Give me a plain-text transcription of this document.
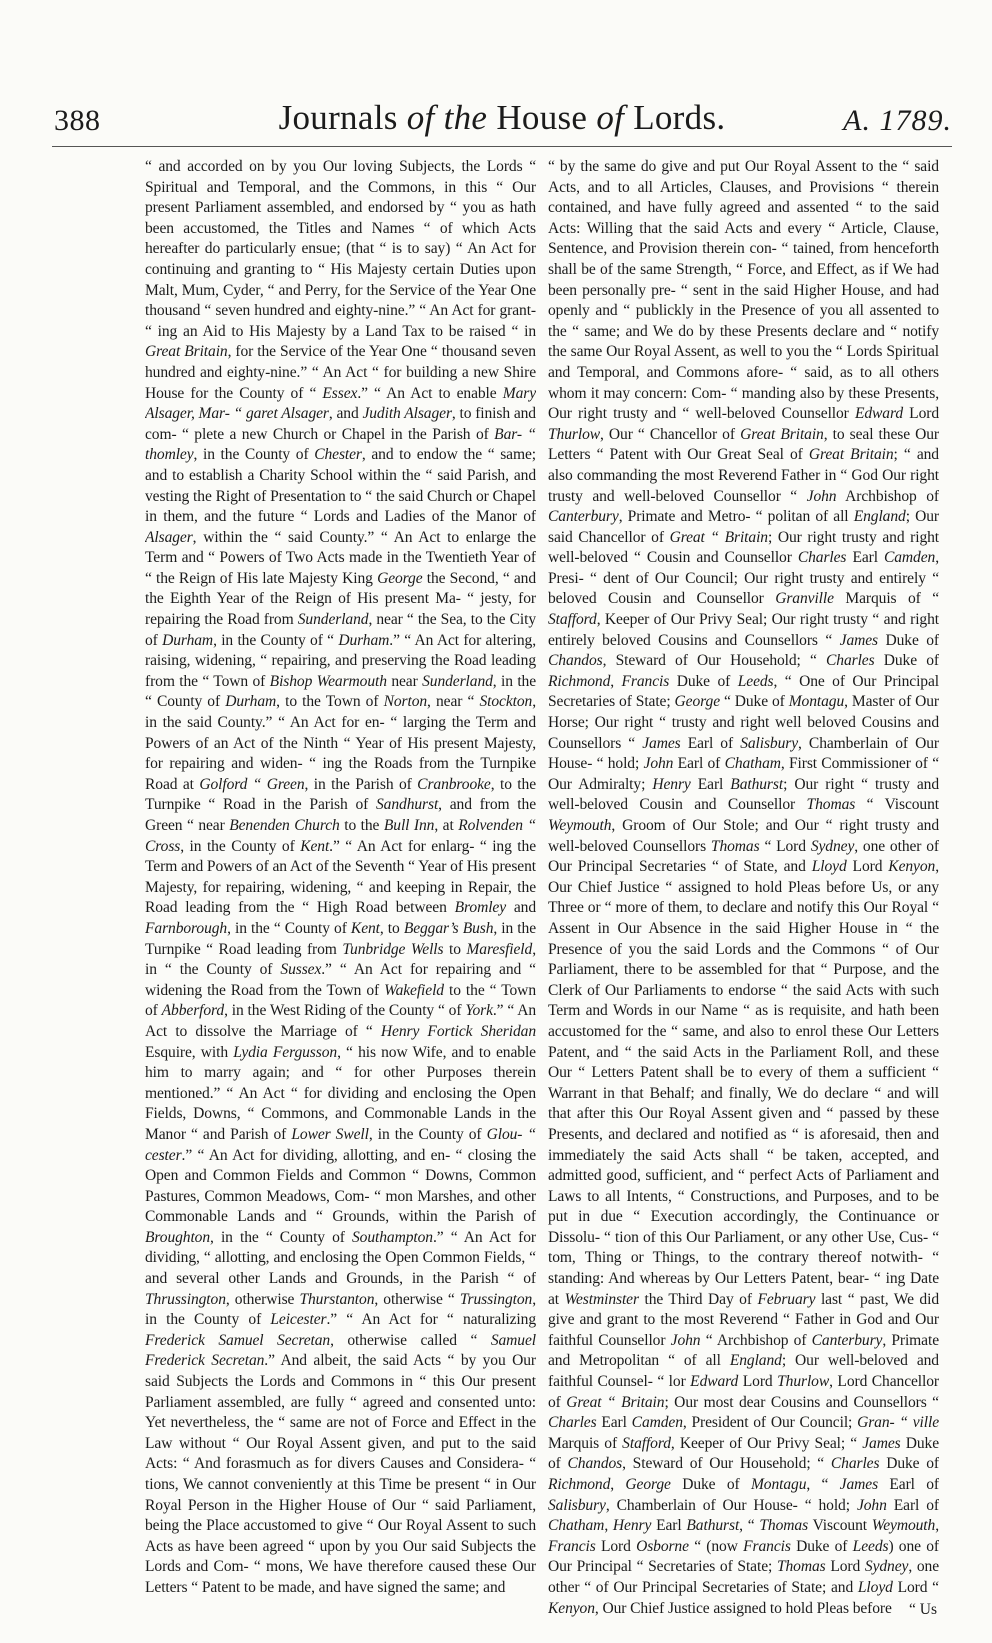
388	Journals of the House of Lords.	A. 1789.

“ and accorded on by you Our loving Subjects, the Lords “ Spiritual and Temporal, and the Commons, in this “ Our present Parliament assembled, and endorsed by “ you as hath been accustomed, the Titles and Names “ of which Acts hereafter do particularly ensue; (that “ is to say) “ An Act for continuing and granting to “ His Majesty certain Duties upon Malt, Mum, Cyder, “ and Perry, for the Service of the Year One thousand “ seven hundred and eighty-nine.” “ An Act for grant- “ ing an Aid to His Majesty by a Land Tax to be raised “ in Great Britain, for the Service of the Year One “ thousand seven hundred and eighty-nine.” “ An Act “ for building a new Shire House for the County of “ Essex.” “ An Act to enable Mary Alsager, Mar- “ garet Alsager, and Judith Alsager, to finish and com- “ plete a new Church or Chapel in the Parish of Bar- “ thomley, in the County of Chester, and to endow the “ same; and to establish a Charity School within the “ said Parish, and vesting the Right of Presentation to “ the said Church or Chapel in them, and the future “ Lords and Ladies of the Manor of Alsager, within the “ said County.” “ An Act to enlarge the Term and “ Powers of Two Acts made in the Twentieth Year of “ the Reign of His late Majesty King George the Second, “ and the Eighth Year of the Reign of His present Ma- “ jesty, for repairing the Road from Sunderland, near “ the Sea, to the City of Durham, in the County of “ Durham.” “ An Act for altering, raising, widening, “ repairing, and preserving the Road leading from the “ Town of Bishop Wearmouth near Sunderland, in the “ County of Durham, to the Town of Norton, near “ Stockton, in the said County.” “ An Act for en- “ larging the Term and Powers of an Act of the Ninth “ Year of His present Majesty, for repairing and widen- “ ing the Roads from the Turnpike Road at Golford “ Green, in the Parish of Cranbrooke, to the Turnpike “ Road in the Parish of Sandhurst, and from the Green “ near Benenden Church to the Bull Inn, at Rolvenden “ Cross, in the County of Kent.” “ An Act for enlarg- “ ing the Term and Powers of an Act of the Seventh “ Year of His present Majesty, for repairing, widening, “ and keeping in Repair, the Road leading from the “ High Road between Bromley and Farnborough, in the “ County of Kent, to Beggar’s Bush, in the Turnpike “ Road leading from Tunbridge Wells to Maresfield, in “ the County of Sussex.” “ An Act for repairing and “ widening the Road from the Town of Wakefield to the “ Town of Abberford, in the West Riding of the County “ of York.” “ An Act to dissolve the Marriage of “ Henry Fortick Sheridan Esquire, with Lydia Fergusson, “ his now Wife, and to enable him to marry again; and “ for other Purposes therein mentioned.” “ An Act “ for dividing and enclosing the Open Fields, Downs, “ Commons, and Commonable Lands in the Manor “ and Parish of Lower Swell, in the County of Glou- “ cester.” “ An Act for dividing, allotting, and en- “ closing the Open and Common Fields and Common “ Downs, Common Pastures, Common Meadows, Com- “ mon Marshes, and other Commonable Lands and “ Grounds, within the Parish of Broughton, in the “ County of Southampton.” “ An Act for dividing, “ allotting, and enclosing the Open Common Fields, “ and several other Lands and Grounds, in the Parish “ of Thrussington, otherwise Thurstanton, otherwise “ Trussington, in the County of Leicester.” “ An Act for “ naturalizing Frederick Samuel Secretan, otherwise called “ Samuel Frederick Secretan.” And albeit, the said Acts “ by you Our said Subjects the Lords and Commons in “ this Our present Parliament assembled, are fully “ agreed and consented unto: Yet nevertheless, the “ same are not of Force and Effect in the Law without “ Our Royal Assent given, and put to the said Acts: “ And forasmuch as for divers Causes and Considera- “ tions, We cannot conveniently at this Time be present “ in Our Royal Person in the Higher House of Our “ said Parliament, being the Place accustomed to give “ Our Royal Assent to such Acts as have been agreed “ upon by you Our said Subjects the Lords and Com- “ mons, We have therefore caused these Our Letters “ Patent to be made, and have signed the same; and

“ by the same do give and put Our Royal Assent to the “ said Acts, and to all Articles, Clauses, and Provisions “ therein contained, and have fully agreed and assented “ to the said Acts: Willing that the said Acts and every “ Article, Clause, Sentence, and Provision therein con- “ tained, from henceforth shall be of the same Strength, “ Force, and Effect, as if We had been personally pre- “ sent in the said Higher House, and had openly and “ publickly in the Presence of you all assented to the “ same; and We do by these Presents declare and “ notify the same Our Royal Assent, as well to you the “ Lords Spiritual and Temporal, and Commons afore- “ said, as to all others whom it may concern: Com- “ manding also by these Presents, Our right trusty and “ well-beloved Counsellor Edward Lord Thurlow, Our “ Chancellor of Great Britain, to seal these Our Letters “ Patent with Our Great Seal of Great Britain; “ and also commanding the most Reverend Father in “ God Our right trusty and well-beloved Counsellor “ John Archbishop of Canterbury, Primate and Metro- “ politan of all England; Our said Chancellor of Great “ Britain; Our right trusty and right well-beloved “ Cousin and Counsellor Charles Earl Camden, Presi- “ dent of Our Council; Our right trusty and entirely “ beloved Cousin and Counsellor Granville Marquis of “ Stafford, Keeper of Our Privy Seal; Our right trusty “ and right entirely beloved Cousins and Counsellors “ James Duke of Chandos, Steward of Our Household; “ Charles Duke of Richmond, Francis Duke of Leeds, “ One of Our Principal Secretaries of State; George “ Duke of Montagu, Master of Our Horse; Our right “ trusty and right well beloved Cousins and Counsellors “ James Earl of Salisbury, Chamberlain of Our House- “ hold; John Earl of Chatham, First Commissioner of “ Our Admiralty; Henry Earl Bathurst; Our right “ trusty and well-beloved Cousin and Counsellor Thomas “ Viscount Weymouth, Groom of Our Stole; and Our “ right trusty and well-beloved Counsellors Thomas “ Lord Sydney, one other of Our Principal Secretaries “ of State, and Lloyd Lord Kenyon, Our Chief Justice “ assigned to hold Pleas before Us, or any Three or “ more of them, to declare and notify this Our Royal “ Assent in Our Absence in the said Higher House in “ the Presence of you the said Lords and the Commons “ of Our Parliament, there to be assembled for that “ Purpose, and the Clerk of Our Parliaments to endorse “ the said Acts with such Term and Words in our Name “ as is requisite, and hath been accustomed for the “ same, and also to enrol these Our Letters Patent, and “ the said Acts in the Parliament Roll, and these Our “ Letters Patent shall be to every of them a sufficient “ Warrant in that Behalf; and finally, We do declare “ and will that after this Our Royal Assent given and “ passed by these Presents, and declared and notified as “ is aforesaid, then and immediately the said Acts shall “ be taken, accepted, and admitted good, sufficient, and “ perfect Acts of Parliament and Laws to all Intents, “ Constructions, and Purposes, and to be put in due “ Execution accordingly, the Continuance or Dissolu- “ tion of this Our Parliament, or any other Use, Cus- “ tom, Thing or Things, to the contrary thereof notwith- “ standing: And whereas by Our Letters Patent, bear- “ ing Date at Westminster the Third Day of February last “ past, We did give and grant to the most Reverend “ Father in God and Our faithful Counsellor John “ Archbishop of Canterbury, Primate and Metropolitan “ of all England; Our well-beloved and faithful Counsel- “ lor Edward Lord Thurlow, Lord Chancellor of Great “ Britain; Our most dear Cousins and Counsellors “ Charles Earl Camden, President of Our Council; Gran- “ ville Marquis of Stafford, Keeper of Our Privy Seal; “ James Duke of Chandos, Steward of Our Household; “ Charles Duke of Richmond, George Duke of Montagu, “ James Earl of Salisbury, Chamberlain of Our House- “ hold; John Earl of Chatham, Henry Earl Bathurst, “ Thomas Viscount Weymouth, Francis Lord Osborne “ (now Francis Duke of Leeds) one of Our Principal “ Secretaries of State; Thomas Lord Sydney, one other “ of Our Principal Secretaries of State; and Lloyd Lord “ Kenyon, Our Chief Justice assigned to hold Pleas before	“ Us
